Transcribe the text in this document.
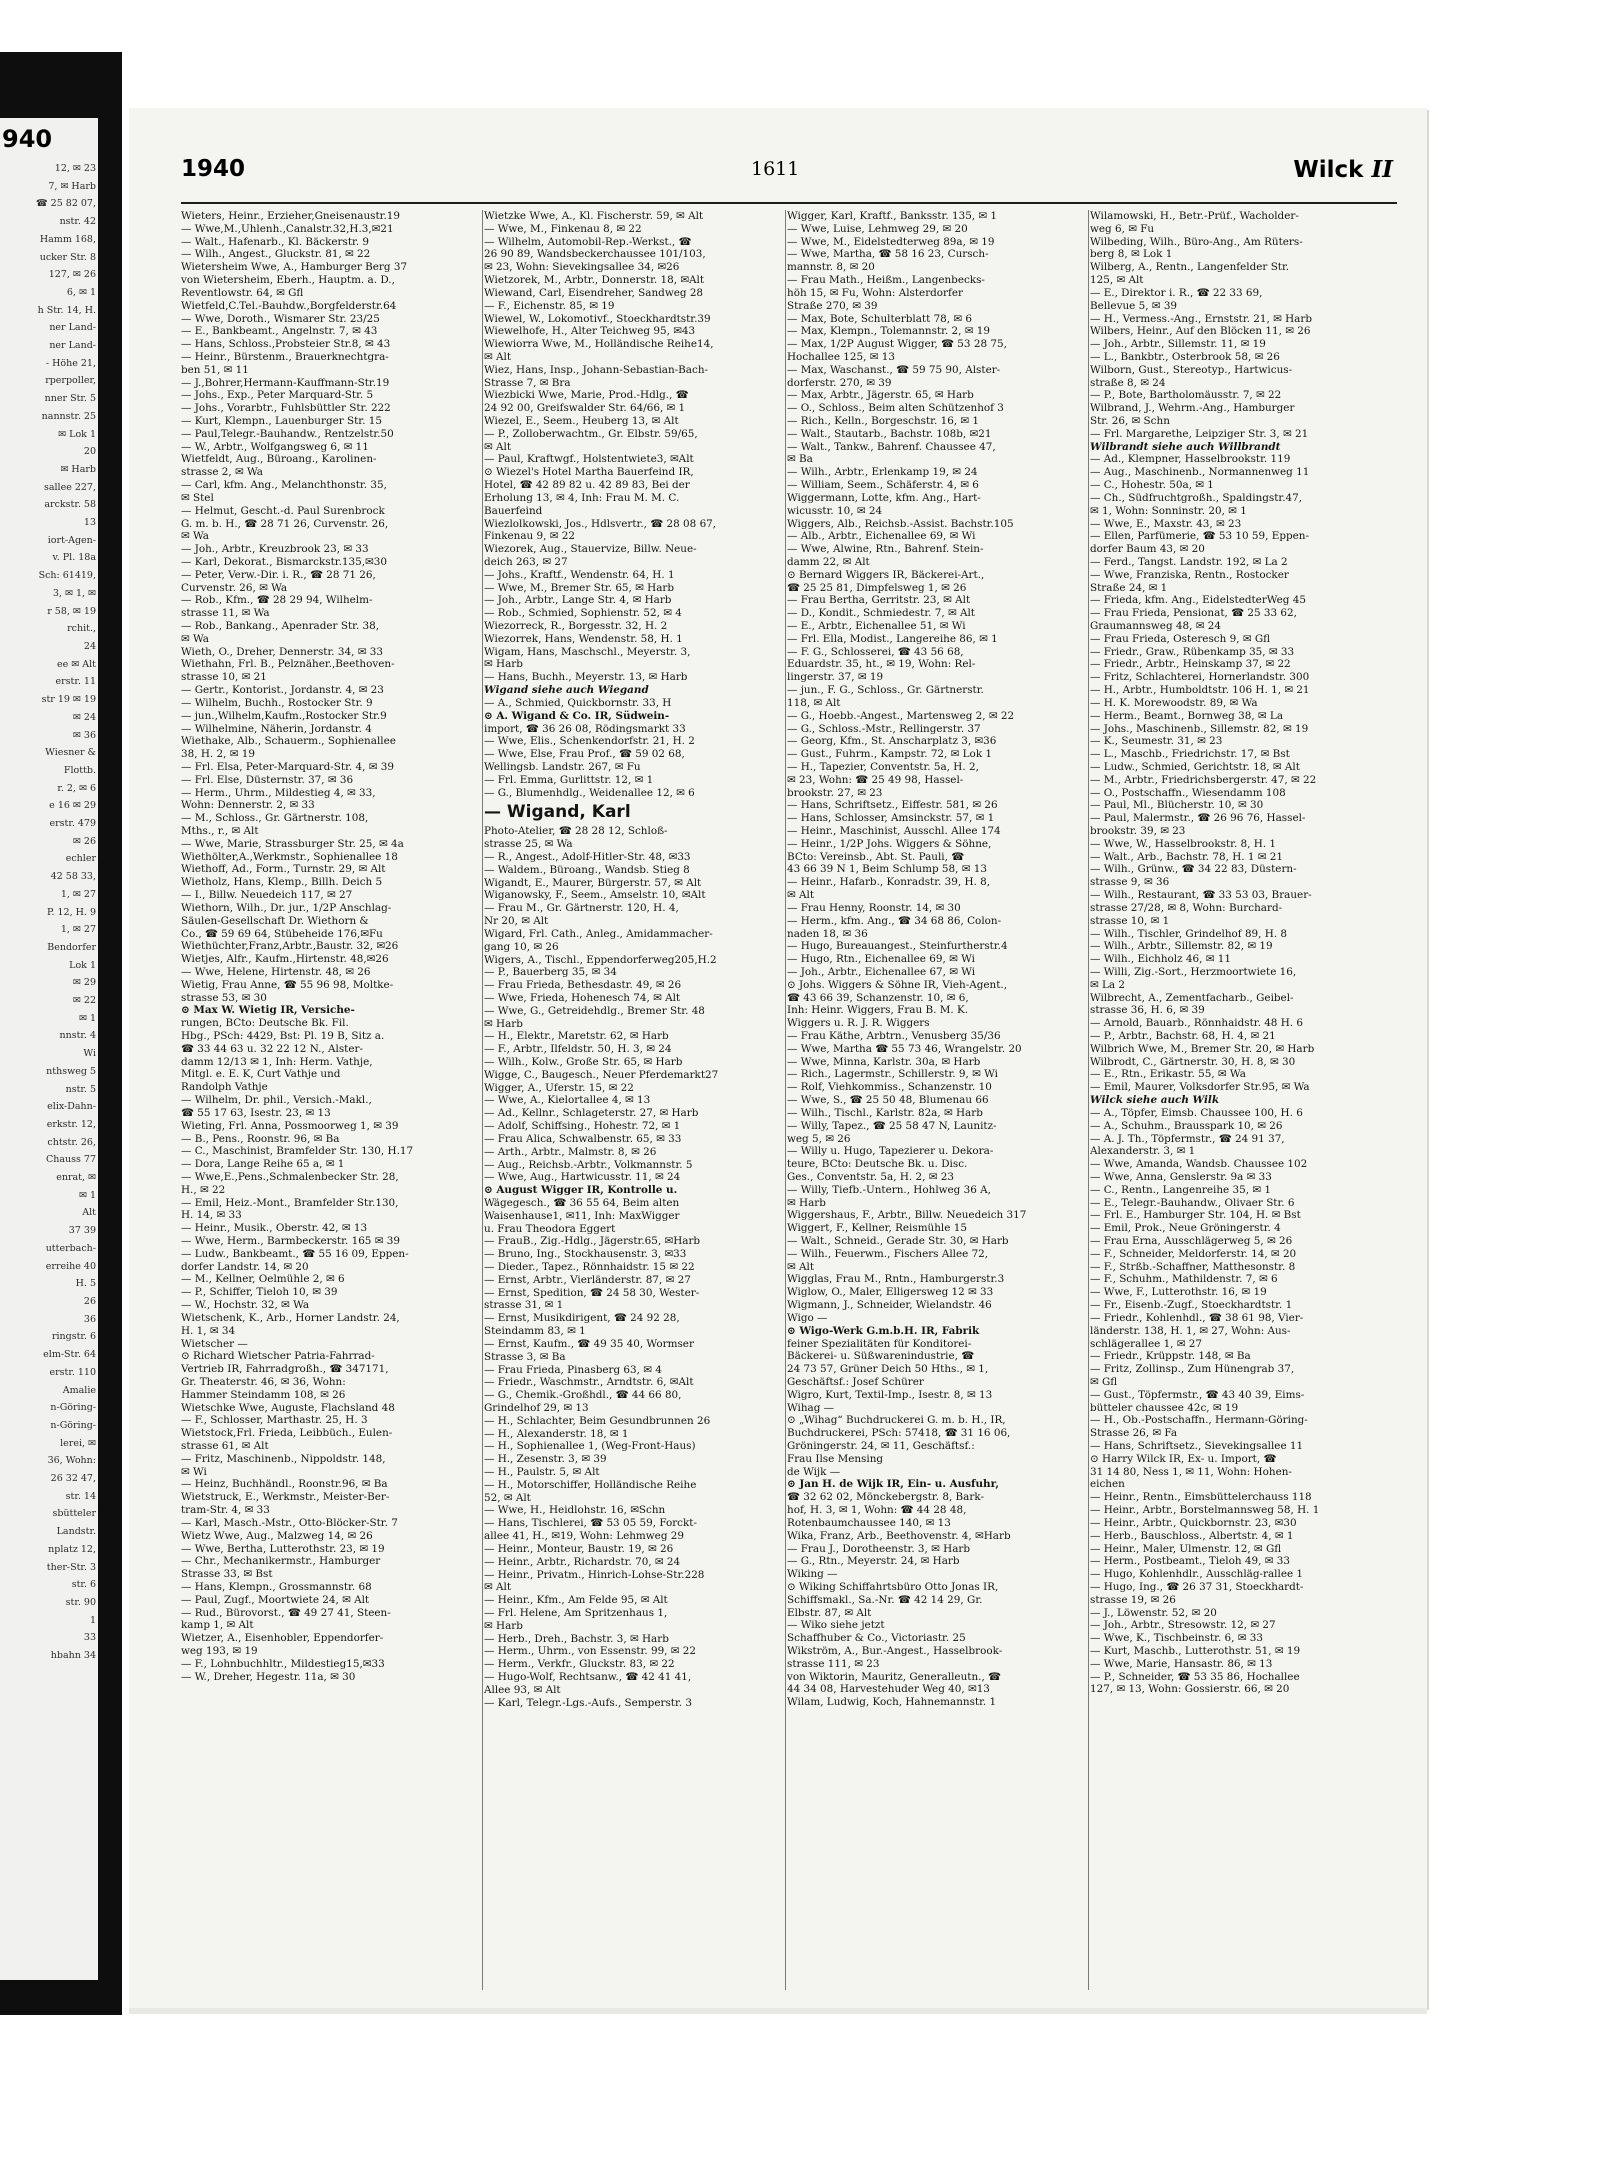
940
12, ✉ 23
7, ✉ Harb
☎ 25 82 07,
nstr. 42
Hamm 168,
ucker Str. 8
127, ✉ 26
6, ✉ 1
h Str. 14, H.
ner Land-
ner Land-
- Höhe 21,
rperpoller,
nner Str. 5
nannstr. 25
✉ Lok 1
20
✉ Harb
sallee 227,
arckstr. 58
13
iort-Agen-
v. Pl. 18a
Sch: 61419,
3, ✉ 1, ✉
r 58, ✉ 19
rchit.,
24
ee ✉ Alt
erstr. 11
str 19 ✉ 19
✉ 24
✉ 36
Wiesner &
Flottb.
r. 2, ✉ 6
e 16 ✉ 29
erstr. 479
✉ 26
echler
42 58 33,
1, ✉ 27
P. 12, H. 9
1, ✉ 27
Bendorfer
Lok 1
✉ 29
✉ 22
✉ 1
nnstr. 4
Wi
nthsweg 5
nstr. 5
elix-Dahn-
erkstr. 12,
chtstr. 26,
Chauss 77
enrat, ✉
✉ 1
Alt
37 39
utterbach-
erreihe 40
H. 5
26
36
ringstr. 6
elm-Str. 64
erstr. 110
Amalie
n-Göring-
n-Göring-
lerei, ✉
36, Wohn:
26 32 47,
str. 14
sbütteler
Landstr.
nplatz 12,
ther-Str. 3
str. 6
str. 90
1
33
hbahn 34
1940	1611	Wilck II
Wieters, Heinr., Erzieher,Gneisenaustr.19
— Wwe,M.,Uhlenh.,Canalstr.32,H.3,✉21
— Walt., Hafenarb., Kl. Bäckerstr. 9
— Wilh., Angest., Gluckstr. 81, ✉ 22
Wietersheim Wwe, A., Hamburger Berg 37
von Wietersheim, Eberh., Hauptm. a. D.,
Reventlowstr. 64, ✉ Gfl
Wietfeld,C.Tel.-Bauhdw.,Borgfelderstr.64
— Wwe, Doroth., Wismarer Str. 23/25
— E., Bankbeamt., Angelnstr. 7, ✉ 43
— Hans, Schloss.,Probsteier Str.8, ✉ 43
— Heinr., Bürstenm., Brauerknechtgra-
ben 51, ✉ 11
— J.,Bohrer,Hermann-Kauffmann-Str.19
— Johs., Exp., Peter Marquard-Str. 5
— Johs., Vorarbtr., Fuhlsbüttler Str. 222
— Kurt, Klempn., Lauenburger Str. 15
— Paul,Telegr.-Bauhandw., Rentzelstr.50
— W., Arbtr., Wolfgangsweg 6, ✉ 11
Wietfeldt, Aug., Bürοang., Karolinen-
strasse 2, ✉ Wa
— Carl, kfm. Ang., Melanchthonstr. 35,
✉ Stel
— Helmut, Gescht.-d. Paul Surenbrock
G. m. b. H., ☎ 28 71 26, Curvenstr. 26,
✉ Wa
— Joh., Arbtr., Kreuzbrook 23, ✉ 33
— Karl, Dekorat., Bismarckstr.135,✉30
— Peter, Verw.-Dir. i. R., ☎ 28 71 26,
Curvenstr. 26, ✉ Wa
— Rob., Kfm., ☎ 28 29 94, Wilhelm-
strasse 11, ✉ Wa
— Rob., Bankang., Apenrader Str. 38,
✉ Wa
Wieth, O., Dreher, Dennerstr. 34, ✉ 33
Wiethahn, Frl. B., Pelznäher.,Beethoven-
strasse 10, ✉ 21
— Gertr., Kontorist., Jordanstr. 4, ✉ 23
— Wilhelm, Buchh., Rostocker Str. 9
— jun.,Wilhelm,Kaufm.,Rostocker Str.9
— Wilhelmine, Näherin, Jordanstr. 4
Wiethake, Alb., Schauerm., Sophienallee
38, H. 2, ✉ 19
— Frl. Elsa, Peter-Marquard-Str. 4, ✉ 39
— Frl. Else, Düsternstr. 37, ✉ 36
— Herm., Uhrm., Mildestieg 4, ✉ 33,
Wohn: Dennerstr. 2, ✉ 33
— M., Schloss., Gr. Gärtnerstr. 108,
Mths., r., ✉ Alt
— Wwe, Marie, Strassburger Str. 25, ✉ 4a
Wiethölter,A.,Werkmstr., Sophienallee 18
Wiethoff, Ad., Form., Turnstr. 29, ✉ Alt
Wietholz, Hans, Klemp., Billh. Deich 5
— I., Billw. Neuedeich 117, ✉ 27
Wiethorn, Wilh., Dr. jur., 1/2P Anschlag-
Säulen-Gesellschaft Dr. Wiethorn &
Co., ☎ 59 69 64, Stübeheide 176,✉Fu
Wiethüchter,Franz,Arbtr.,Baustr. 32, ✉26
Wietjes, Alfr., Kaufm.,Hirtenstr. 48,✉26
— Wwe, Helene, Hirtenstr. 48, ✉ 26
Wietig, Frau Anne, ☎ 55 96 98, Moltke-
strasse 53, ✉ 30
⊙ Max W. Wietig IR, Versiche-
rungen, BCto: Deutsche Bk. Fil.
Hbg., PSch: 4429, Bst: Pl. 19 B, Sitz a.
☎ 33 44 63 u. 32 22 12 N., Alster-
damm 12/13 ✉ 1, Inh: Herm. Vathje,
Mitgl. e. E. K, Curt Vathje und
Randolph Vathje
— Wilhelm, Dr. phil., Versich.-Makl.,
☎ 55 17 63, Isestr. 23, ✉ 13
Wieting, Frl. Anna, Possmoorweg 1, ✉ 39
— B., Pens., Roonstr. 96, ✉ Ba
— C., Maschinist, Bramfelder Str. 130, H.17
— Dora, Lange Reihe 65 a, ✉ 1
— Wwe,E.,Pens.,Schmalenbecker Str. 28,
H., ✉ 22
— Emil, Heiz.-Mont., Bramfelder Str.130,
H. 14, ✉ 33
— Heinr., Musik., Oberstr. 42, ✉ 13
— Wwe, Herm., Barmbeckerstr. 165 ✉ 39
— Ludw., Bankbeamt., ☎ 55 16 09, Eppen-
dorfer Landstr. 14, ✉ 20
— M., Kellner, Oelmühle 2, ✉ 6
— P., Schiffer, Tieloh 10, ✉ 39
— W., Hochstr. 32, ✉ Wa
Wietschenk, K., Arb., Horner Landstr. 24,
H. 1, ✉ 34
Wietscher —
⊙ Richard Wietscher Patria-Fahrrad-
Vertrieb IR, Fahrradgroßh., ☎ 347171,
Gr. Theaterstr. 46, ✉ 36, Wohn:
Hammer Steindamm 108, ✉ 26
Wietschke Wwe, Auguste, Flachsland 48
— F., Schlosser, Marthastr. 25, H. 3
Wietstock,Frl. Frieda, Leibbüch., Eulen-
strasse 61, ✉ Alt
— Fritz, Maschinenb., Nippoldstr. 148,
✉ Wi
— Heinz, Buchhändl., Roonstr.96, ✉ Ba
Wietstruck, E., Werkmstr., Meister-Ber-
tram-Str. 4, ✉ 33
— Karl, Masch.-Mstr., Otto-Blöcker-Str. 7
Wietz Wwe, Aug., Malzweg 14, ✉ 26
— Wwe, Bertha, Lutterothstr. 23, ✉ 19
— Chr., Mechanikermstr., Hamburger
Strasse 33, ✉ Bst
— Hans, Klempn., Grossmannstr. 68
— Paul, Zugf., Moortwiete 24, ✉ Alt
— Rud., Bürovorst., ☎ 49 27 41, Steen-
kamp 1, ✉ Alt
Wietzer, A., Eisenhobler, Eppendorfer-
weg 193, ✉ 19
— F., Lohnbuchhltr., Mildestieg15,✉33
— W., Dreher, Hegestr. 11a, ✉ 30
Wietzke Wwe, A., Kl. Fischerstr. 59, ✉ Alt
— Wwe, M., Finkenau 8, ✉ 22
— Wilhelm, Automobil-Rep.-Werkst., ☎
26 90 89, Wandsbeckerchaussee 101/103,
✉ 23, Wohn: Sievekingsallee 34, ✉26
Wietzorek, M., Arbtr., Donnerstr. 18, ✉Alt
Wiewand, Carl, Eisendreher, Sandweg 28
— F., Eichenstr. 85, ✉ 19
Wiewel, W., Lokomotivf., Stoeckhardtstr.39
Wiewelhofe, H., Alter Teichweg 95, ✉43
Wiewiorra Wwe, M., Holländische Reihe14,
✉ Alt
Wiez, Hans, Insp., Johann-Sebastian-Bach-
Strasse 7, ✉ Bra
Wiezbicki Wwe, Marie, Prod.-Hdlg., ☎
24 92 00, Greifswalder Str. 64/66, ✉ 1
Wiezel, E., Seem., Heuberg 13, ✉ Alt
— P., Zolloberwachtm., Gr. Elbstr. 59/65,
✉ Alt
— Paul, Kraftwgf., Holstentwiete3, ✉Alt
⊙ Wiezel's Hotel Martha Bauerfeind IR,
Hotel, ☎ 42 89 82 u. 42 89 83, Bei der
Erholung 13, ✉ 4, Inh: Frau M. M. C.
Bauerfeind
Wiezlolkowski, Jos., Hdlsvertr., ☎ 28 08 67,
Finkenau 9, ✉ 22
Wiezorek, Aug., Stauervize, Billw. Neue-
deich 263, ✉ 27
— Johs., Kraftf., Wendenstr. 64, H. 1
— Wwe, M., Bremer Str. 65, ✉ Harb
— Joh., Arbtr., Lange Str. 4, ✉ Harb
— Rob., Schmied, Sophienstr. 52, ✉ 4
Wiezorreck, R., Borgesstr. 32, H. 2
Wiezorrek, Hans, Wendenstr. 58, H. 1
Wigam, Hans, Maschschl., Meyerstr. 3,
✉ Harb
— Hans, Buchh., Meyerstr. 13, ✉ Harb
Wigand siehe auch Wiegand
— A., Schmied, Quickbornstr. 33, H
⊙ A. Wigand & Co. IR, Südwein-
import, ☎ 36 26 08, Rödingsmarkt 33
— Wwe, Elis., Schenkendorfstr. 21, H. 2
— Wwe, Else, Frau Prof., ☎ 59 02 68,
Wellingsb. Landstr. 267, ✉ Fu
— Frl. Emma, Gurlittstr. 12, ✉ 1
— G., Blumenhdlg., Weidenallee 12, ✉ 6
— Wigand, Karl
Photo-Atelier, ☎ 28 28 12, Schloß-
strasse 25, ✉ Wa
— R., Angest., Adolf-Hitler-Str. 48, ✉33
— Waldem., Büroang., Wandsb. Stieg 8
Wigandt, E., Maurer, Bürgerstr. 57, ✉ Alt
Wiganowsky, F., Seem., Amselstr. 10, ✉Alt
— Frau M., Gr. Gärtnerstr. 120, H. 4,
Nr 20, ✉ Alt
Wigard, Frl. Cath., Anleg., Amidammacher-
gang 10, ✉ 26
Wigers, A., Tischl., Eppendorferweg205,H.2
— P., Bauerberg 35, ✉ 34
— Frau Frieda, Bethesdastr. 49, ✉ 26
— Wwe, Frieda, Hohenesch 74, ✉ Alt
— Wwe, G., Getreidehdlg., Bremer Str. 48
✉ Harb
— H., Elektr., Maretstr. 62, ✉ Harb
— F., Arbtr., Ilfeldstr. 50, H. 3, ✉ 24
— Wilh., Kolw., Große Str. 65, ✉ Harb
Wigge, C., Baugesch., Neuer Pferdemarkt27
Wigger, A., Uferstr. 15, ✉ 22
— Wwe, A., Kielortallee 4, ✉ 13
— Ad., Kellnr., Schlageterstr. 27, ✉ Harb
— Adolf, Schiffsing., Hohestr. 72, ✉ 1
— Frau Alica, Schwalbenstr. 65, ✉ 33
— Arth., Arbtr., Malmstr. 8, ✉ 26
— Aug., Reichsb.-Arbtr., Volkmannstr. 5
— Wwe, Aug., Hartwicusstr. 11, ✉ 24
⊙ August Wigger IR, Kontrolle u.
Wägegesch., ☎ 36 55 64, Beim alten
Waisenhause1, ✉11, Inh: MaxWigger
u. Frau Theodora Eggert
— FrauB., Zig.-Hdlg., Jägerstr.65, ✉Harb
— Bruno, Ing., Stockhausenstr. 3, ✉33
— Dieder., Tapez., Rönnhaidstr. 15 ✉ 22
— Ernst, Arbtr., Vierländerstr. 87, ✉ 27
— Ernst, Spedition, ☎ 24 58 30, Wester-
strasse 31, ✉ 1
— Ernst, Musikdirigent, ☎ 24 92 28,
Steindamm 83, ✉ 1
— Ernst, Kaufm., ☎ 49 35 40, Wormser
Strasse 3, ✉ Ba
— Frau Frieda, Pinasberg 63, ✉ 4
— Friedr., Waschmstr., Arndtstr. 6, ✉Alt
— G., Chemik.-Großhdl., ☎ 44 66 80,
Grindelhof 29, ✉ 13
— H., Schlachter, Beim Gesundbrunnen 26
— H., Alexanderstr. 18, ✉ 1
— H., Sophienallee 1, (Weg-Front-Haus)
— H., Zesenstr. 3, ✉ 39
— H., Paulstr. 5, ✉ Alt
— H., Motorschiffer, Holländische Reihe
52, ✉ Alt
— Wwe, H., Heidlohstr. 16, ✉Schn
— Hans, Tischlerei, ☎ 53 05 59, Forckt-
allee 41, H., ✉19, Wohn: Lehmweg 29
— Heinr., Monteur, Baustr. 19, ✉ 26
— Heinr., Arbtr., Richardstr. 70, ✉ 24
— Heinr., Privatm., Hinrich-Lohse-Str.228
✉ Alt
— Heinr., Kfm., Am Felde 95, ✉ Alt
— Frl. Helene, Am Spritzenhaus 1,
✉ Harb
— Herb., Dreh., Bachstr. 3, ✉ Harb
— Herm., Uhrm., von Essenstr. 99, ✉ 22
— Herm., Verkfr., Gluckstr. 83, ✉ 22
— Hugo-Wolf, Rechtsanw., ☎ 42 41 41,
Allee 93, ✉ Alt
— Karl, Telegr.-Lgs.-Aufs., Semperstr. 3
Wigger, Karl, Kraftf., Banksstr. 135, ✉ 1
— Wwe, Luise, Lehmweg 29, ✉ 20
— Wwe, M., Eidelstedterweg 89a, ✉ 19
— Wwe, Martha, ☎ 58 16 23, Cursch-
mannstr. 8, ✉ 20
— Frau Math., Heißm., Langenbecks-
höh 15, ✉ Fu, Wohn: Alsterdorfer
Straße 270, ✉ 39
— Max, Bote, Schulterblatt 78, ✉ 6
— Max, Klempn., Tolemannstr. 2, ✉ 19
— Max, 1/2P August Wigger, ☎ 53 28 75,
Hochallee 125, ✉ 13
— Max, Waschanst., ☎ 59 75 90, Alster-
dorferstr. 270, ✉ 39
— Max, Arbtr., Jägerstr. 65, ✉ Harb
— O., Schloss., Beim alten Schützenhof 3
— Rich., Kelln., Borgeschstr. 16, ✉ 1
— Walt., Stautarb., Bachstr. 108b, ✉21
— Walt., Tankw., Bahrenf. Chaussee 47,
✉ Ba
— Wilh., Arbtr., Erlenkamp 19, ✉ 24
— William, Seem., Schäferstr. 4, ✉ 6
Wiggermann, Lotte, kfm. Ang., Hart-
wicusstr. 10, ✉ 24
Wiggers, Alb., Reichsb.-Assist. Bachstr.105
— Alb., Arbtr., Eichenallee 69, ✉ Wi
— Wwe, Alwine, Rtn., Bahrenf. Stein-
damm 22, ✉ Alt
⊙ Bernard Wiggers IR, Bäckerei-Art.,
☎ 25 25 81, Dimpfelsweg 1, ✉ 26
— Frau Bertha, Gerritstr. 23, ✉ Alt
— D., Kondit., Schmiedestr. 7, ✉ Alt
— E., Arbtr., Eichenallee 51, ✉ Wi
— Frl. Ella, Modist., Langereihe 86, ✉ 1
— F. G., Schlosserei, ☎ 43 56 68,
Eduardstr. 35, ht., ✉ 19, Wohn: Rel-
lingerstr. 37, ✉ 19
— jun., F. G., Schloss., Gr. Gärtnerstr.
118, ✉ Alt
— G., Hoebb.-Angest., Martensweg 2, ✉ 22
— G., Schloss.-Mstr., Rellingerstr. 37
— Georg, Kfm., St. Anscharplatz 3, ✉36
— Gust., Fuhrm., Kampstr. 72, ✉ Lok 1
— H., Tapezier, Conventstr. 5a, H. 2,
✉ 23, Wohn: ☎ 25 49 98, Hassel-
brookstr. 27, ✉ 23
— Hans, Schriftsetz., Eiffestr. 581, ✉ 26
— Hans, Schlosser, Amsinckstr. 57, ✉ 1
— Heinr., Maschinist, Ausschl. Allee 174
— Heinr., 1/2P Johs. Wiggers & Söhne,
BCto: Vereinsb., Abt. St. Pauli, ☎
43 66 39 N 1, Beim Schlump 58, ✉ 13
— Heinr., Hafarb., Konradstr. 39, H. 8,
✉ Alt
— Frau Henny, Roonstr. 14, ✉ 30
— Herm., kfm. Ang., ☎ 34 68 86, Colon-
naden 18, ✉ 36
— Hugo, Bureauangest., Steinfurtherstr.4
— Hugo, Rtn., Eichenallee 69, ✉ Wi
— Joh., Arbtr., Eichenallee 67, ✉ Wi
⊙ Johs. Wiggers & Söhne IR, Vieh-Agent.,
☎ 43 66 39, Schanzenstr. 10, ✉ 6,
Inh: Heinr. Wiggers, Frau B. M. K.
Wiggers u. R. J. R. Wiggers
— Frau Käthe, Arbtrn., Venusberg 35/36
— Wwe, Martha ☎ 55 73 46, Wrangelstr. 20
— Wwe, Minna, Karlstr. 30a, ✉ Harb
— Rich., Lagermstr., Schillerstr. 9, ✉ Wi
— Rolf, Viehkommiss., Schanzenstr. 10
— Wwe, S., ☎ 25 50 48, Blumenau 66
— Wilh., Tischl., Karlstr. 82a, ✉ Harb
— Willy, Tapez., ☎ 25 58 47 N, Launitz-
weg 5, ✉ 26
— Willy u. Hugo, Tapezierer u. Dekora-
teure, BCto: Deutsche Bk. u. Disc.
Ges., Conventstr. 5a, H. 2, ✉ 23
— Willy, Tiefb.-Untern., Hohlweg 36 A,
✉ Harb
Wiggershaus, F., Arbtr., Billw. Neuedeich 317
Wiggert, F., Kellner, Reismühle 15
— Walt., Schneid., Gerade Str. 30, ✉ Harb
— Wilh., Feuerwm., Fischers Allee 72,
✉ Alt
Wigglas, Frau M., Rntn., Hamburgerstr.3
Wiglow, O., Maler, Elligersweg 12 ✉ 33
Wigmann, J., Schneider, Wielandstr. 46
Wigo —
⊙ Wigo-Werk G.m.b.H. IR, Fabrik
feiner Spezialitäten für Konditorei-
Bäckerei- u. Süßwarenindustrie, ☎
24 73 57, Grüner Deich 50 Hths., ✉ 1,
Geschäftsf.: Josef Schürer
Wigro, Kurt, Textil-Imp., Isestr. 8, ✉ 13
Wihag —
⊙ „Wihag“ Buchdruckerei G. m. b. H., IR,
Buchdruckerei, PSch: 57418, ☎ 31 16 06,
Gröningerstr. 24, ✉ 11, Geschäftsf.:
Frau Ilse Mensing
de Wijk —
⊙ Jan H. de Wijk IR, Ein- u. Ausfuhr,
☎ 32 62 02, Mönckebergstr. 8, Bark-
hof, H. 3, ✉ 1, Wohn: ☎ 44 28 48,
Rotenbaumchaussee 140, ✉ 13
Wika, Franz, Arb., Beethovenstr. 4, ✉Harb
— Frau J., Dorotheenstr. 3, ✉ Harb
— G., Rtn., Meyerstr. 24, ✉ Harb
Wiking —
⊙ Wiking Schiffahrtsbüro Otto Jonas IR,
Schiffsmakl., Sa.-Nr. ☎ 42 14 29, Gr.
Elbstr. 87, ✉ Alt
— Wiko siehe jetzt
Schaffhuber & Co., Victoriastr. 25
Wikström, A., Bur.-Angest., Hasselbrook-
strasse 111, ✉ 23
von Wiktorin, Mauritz, Generalleutn., ☎
44 34 08, Harvestehuder Weg 40, ✉13
Wilam, Ludwig, Koch, Hahnemannstr. 1
Wilamowski, H., Betr.-Prüf., Wacholder-
weg 6, ✉ Fu
Wilbeding, Wilh., Büro-Ang., Am Rüters-
berg 8, ✉ Lok 1
Wilberg, A., Rentn., Langenfelder Str.
125, ✉ Alt
— E., Direktor i. R., ☎ 22 33 69,
Bellevue 5, ✉ 39
— H., Vermess.-Ang., Ernststr. 21, ✉ Harb
Wilbers, Heinr., Auf den Blöcken 11, ✉ 26
— Joh., Arbtr., Sillemstr. 11, ✉ 19
— L., Bankbtr., Osterbrook 58, ✉ 26
Wilborn, Gust., Stereotyp., Hartwicus-
straße 8, ✉ 24
— P., Bote, Bartholomäusstr. 7, ✉ 22
Wilbrand, J., Wehrm.-Ang., Hamburger
Str. 26, ✉ Schn
— Frl. Margarethe, Leipziger Str. 3, ✉ 21
Wilbrandt siehe auch Willbrandt
— Ad., Klempner, Hasselbrookstr. 119
— Aug., Maschinenb., Normannenweg 11
— C., Hohestr. 50a, ✉ 1
— Ch., Südfruchtgroßh., Spaldingstr.47,
✉ 1, Wohn: Sonninstr. 20, ✉ 1
— Wwe, E., Maxstr. 43, ✉ 23
— Ellen, Parfümerie, ☎ 53 10 59, Eppen-
dorfer Baum 43, ✉ 20
— Ferd., Tangst. Landstr. 192, ✉ La 2
— Wwe, Franziska, Rentn., Rostocker
Straße 24, ✉ 1
— Frieda, kfm. Ang., EidelstedterWeg 45
— Frau Frieda, Pensionat, ☎ 25 33 62,
Graumannsweg 48, ✉ 24
— Frau Frieda, Osteresch 9, ✉ Gfl
— Friedr., Graw., Rübenkamp 35, ✉ 33
— Friedr., Arbtr., Heinskamp 37, ✉ 22
— Fritz, Schlachterei, Hornerlandstr. 300
— H., Arbtr., Humboldtstr. 106 H. 1, ✉ 21
— H. K. Morewoodstr. 89, ✉ Wa
— Herm., Beamt., Bornweg 38, ✉ La
— Johs., Maschinenb., Sillemstr. 82, ✉ 19
— K., Seumestr. 31, ✉ 23
— L., Maschb., Friedrichstr. 17, ✉ Bst
— Ludw., Schmied, Gerichtstr. 18, ✉ Alt
— M., Arbtr., Friedrichsbergerstr. 47, ✉ 22
— O., Postschaffn., Wiesendamm 108
— Paul, Ml., Blücherstr. 10, ✉ 30
— Paul, Malermstr., ☎ 26 96 76, Hassel-
brookstr. 39, ✉ 23
— Wwe, W., Hasselbrookstr. 8, H. 1
— Walt., Arb., Bachstr. 78, H. 1 ✉ 21
— Wilh., Grünw., ☎ 34 22 83, Düstern-
strasse 9, ✉ 36
— Wilh., Restaurant, ☎ 33 53 03, Brauer-
strasse 27/28, ✉ 8, Wohn: Burchard-
strasse 10, ✉ 1
— Wilh., Tischler, Grindelhof 89, H. 8
— Wilh., Arbtr., Sillemstr. 82, ✉ 19
— Wilh., Eichholz 46, ✉ 11
— Willi, Zig.-Sort., Herzmoortwiete 16,
✉ La 2
Wilbrecht, A., Zementfacharb., Geibel-
strasse 36, H. 6, ✉ 39
— Arnold, Bauarb., Rönnhaidstr. 48 H. 6
— P., Arbtr., Bachstr. 68, H. 4, ✉ 21
Wilbrich Wwe, M., Bremer Str. 20, ✉ Harb
Wilbrodt, C., Gärtnerstr. 30, H. 8, ✉ 30
— E., Rtn., Erikastr. 55, ✉ Wa
— Emil, Maurer, Volksdorfer Str.95, ✉ Wa
Wilck siehe auch Wilk
— A., Töpfer, Eimsb. Chaussee 100, H. 6
— A., Schuhm., Brausspark 10, ✉ 26
— A. J. Th., Töpfermstr., ☎ 24 91 37,
Alexanderstr. 3, ✉ 1
— Wwe, Amanda, Wandsb. Chaussee 102
— Wwe, Anna, Genslerstr. 9a ✉ 33
— C., Rentn., Langenreihe 35, ✉ 1
— E., Telegr.-Bauhandw., Olivaer Str. 6
— Frl. E., Hamburger Str. 104, H. ✉ Bst
— Emil, Prok., Neue Gröningerstr. 4
— Frau Erna, Ausschlägerweg 5, ✉ 26
— F., Schneider, Meldorferstr. 14, ✉ 20
— F., Strßb.-Schaffner, Matthesonstr. 8
— F., Schuhm., Mathildenstr. 7, ✉ 6
— Wwe, F., Lutterothstr. 16, ✉ 19
— Fr., Eisenb.-Zugf., Stoeckhardtstr. 1
— Friedr., Kohlenhdl., ☎ 38 61 98, Vier-
länderstr. 138, H. 1, ✉ 27, Wohn: Aus-
schlägerallee 1, ✉ 27
— Friedr., Krüppstr. 148, ✉ Ba
— Fritz, Zollinsp., Zum Hünengrab 37,
✉ Gfl
— Gust., Töpfermstr., ☎ 43 40 39, Eims-
bütteler chaussee 42c, ✉ 19
— H., Ob.-Postschaffn., Hermann-Göring-
Strasse 26, ✉ Fa
— Hans, Schriftsetz., Sievekingsallee 11
⊙ Harry Wilck IR, Ex- u. Import, ☎
31 14 80, Ness 1, ✉ 11, Wohn: Hohen-
eichen
— Heinr., Rentn., Eimsbüttelerchauss 118
— Heinr., Arbtr., Borstelmannsweg 58, H. 1
— Heinr., Arbtr., Quickbornstr. 23, ✉30
— Herb., Bauschloss., Albertstr. 4, ✉ 1
— Heinr., Maler, Ulmenstr. 12, ✉ Gfl
— Herm., Postbeamt., Tieloh 49, ✉ 33
— Hugo, Kohlenhdlr., Ausschläg-rallee 1
— Hugo, Ing., ☎ 26 37 31, Stoeckhardt-
strasse 19, ✉ 26
— J., Löwenstr. 52, ✉ 20
— Joh., Arbtr., Stresowstr. 12, ✉ 27
— Wwe, K., Tischbeinstr. 6, ✉ 33
— Kurt, Maschb., Lutterothstr. 51, ✉ 19
— Wwe, Marie, Hansastr. 86, ✉ 13
— P., Schneider, ☎ 53 35 86, Hochallee
127, ✉ 13, Wohn: Gossierstr. 66, ✉ 20
